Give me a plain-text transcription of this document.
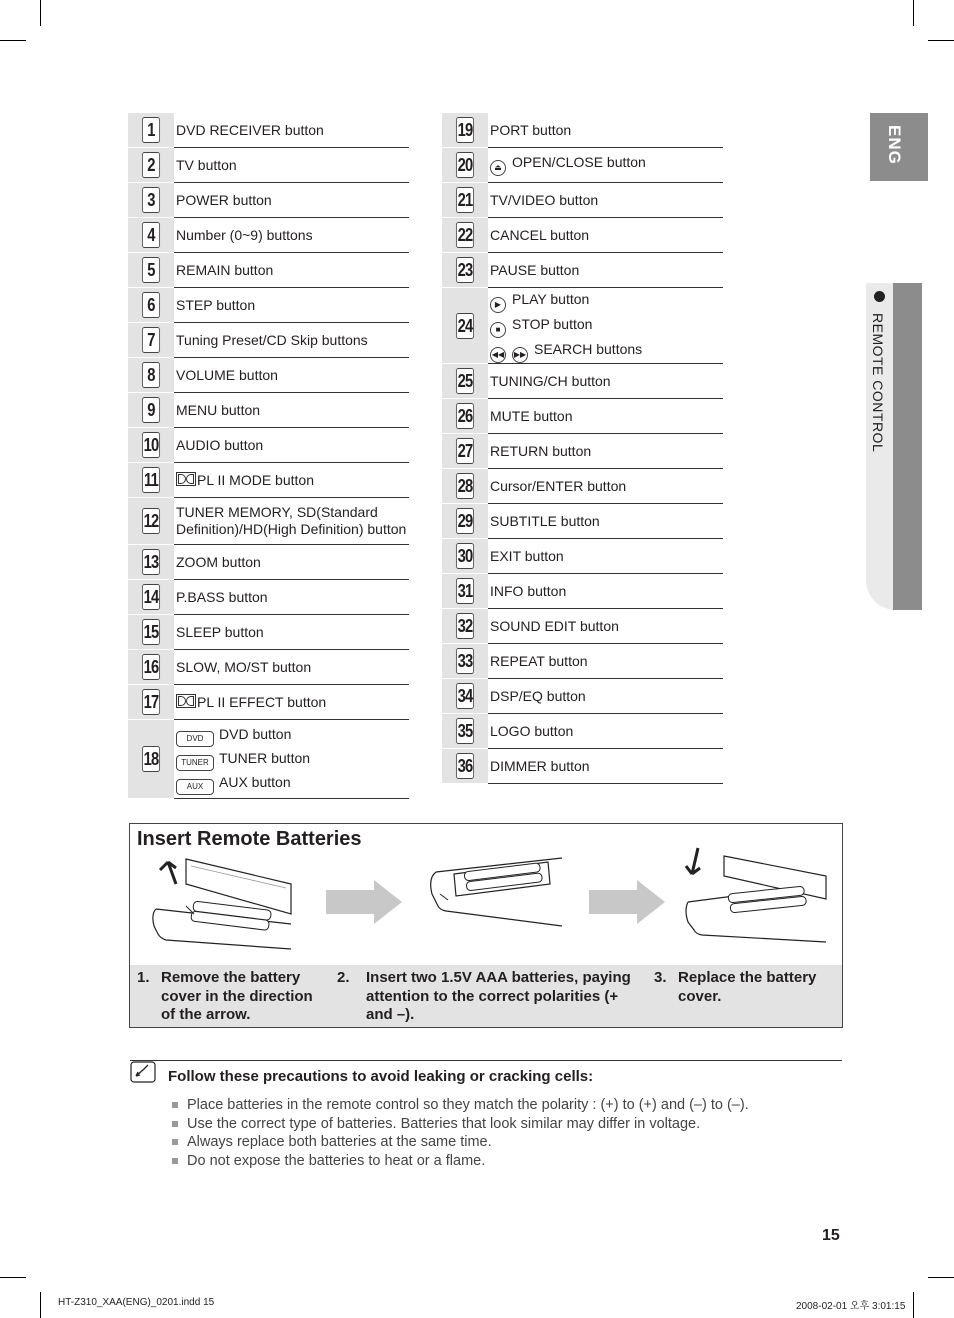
1	DVD RECEIVER button
2	TV button
3	POWER button
4	Number (0~9) buttons
5	REMAIN button
6	STEP button
7	Tuning Preset/CD Skip buttons
8	VOLUME button
9	MENU button
10	AUDIO button
11	PL II MODE button
12	TUNER MEMORY, SD(Standard Definition)/HD(High Definition) button
13	ZOOM button
14	P.BASS button
15	SLEEP button
16	SLOW, MO/ST button
17	PL II EFFECT button
18	DVD DVD button
TUNER TUNER button
AUX AUX button
19	PORT button
20	⏏ OPEN/CLOSE button
21	TV/VIDEO button
22	CANCEL button
23	PAUSE button
24	▶ PLAY button
■ STOP button
◀◀ ▶▶ SEARCH buttons

25	TUNING/CH button
26	MUTE button
27	RETURN button
28	Cursor/ENTER button
29	SUBTITLE button
30	EXIT button
31	INFO button
32	SOUND EDIT button
33	REPEAT button
34	DSP/EQ button
35	LOGO button
36	DIMMER button
ENG
REMOTE CONTROL
Insert Remote Batteries
1. Remove the battery cover in the direction of the arrow.
2. Insert two 1.5V AAA batteries, paying attention to the correct polarities (+ and –).
3. Replace the battery cover.
Follow these precautions to avoid leaking or cracking cells:
Place batteries in the remote control so they match the polarity : (+) to (+) and (–) to (–).
Use the correct type of batteries. Batteries that look similar may differ in voltage.
Always replace both batteries at the same time.
Do not expose the batteries to heat or a flame.
15
HT-Z310_XAA(ENG)_0201.indd 15	2008-02-01 오후 3:01:15
